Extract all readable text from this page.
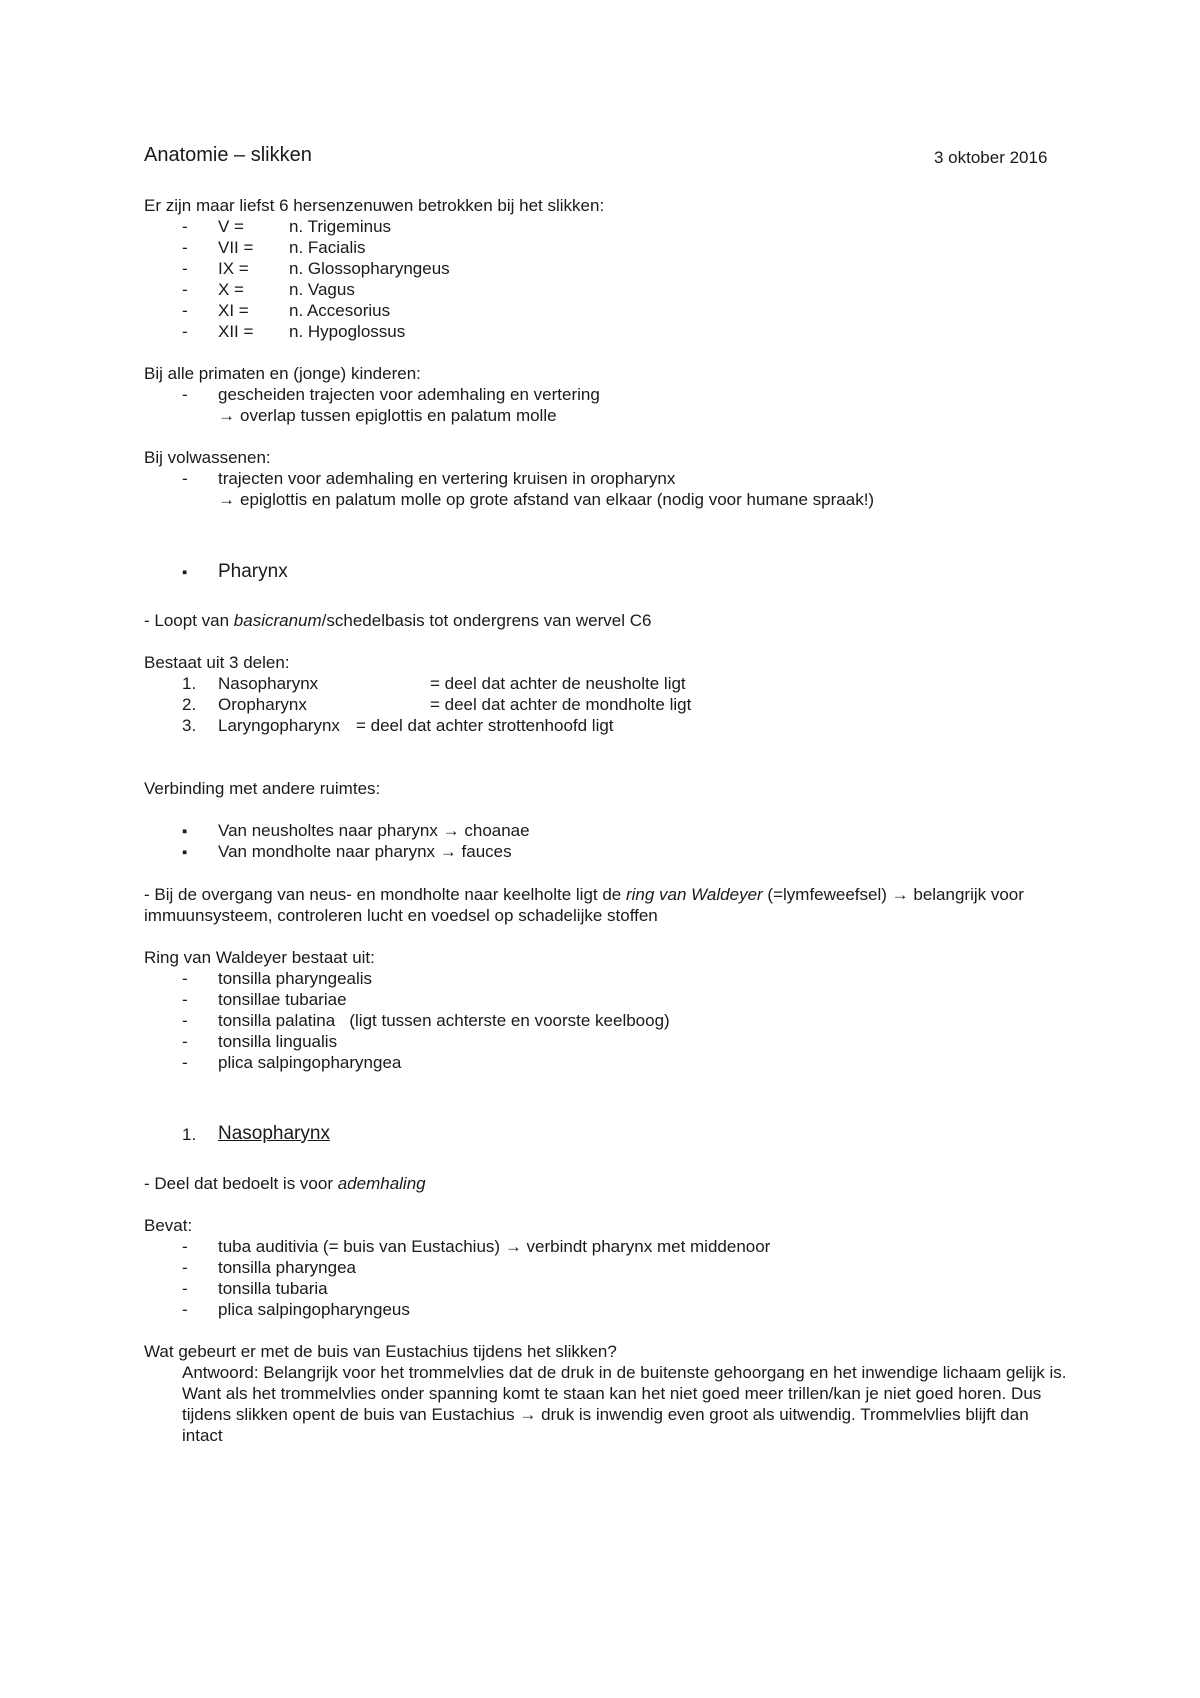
Anatomie – slikken	3 oktober 2016
Er zijn maar liefst 6 hersenzenuwen betrokken bij het slikken:
- V =	n. Trigeminus
- VII = n. Facialis
- IX = n. Glossopharyngeus
- X =	n. Vagus
- XI = n. Accesorius
- XII = n. Hypoglossus
Bij alle primaten en (jonge) kinderen:
- gescheiden trajecten voor ademhaling en vertering
→ overlap tussen epiglottis en palatum molle
Bij volwassenen:
- trajecten voor ademhaling en vertering kruisen in oropharynx
→ epiglottis en palatum molle op grote afstand van elkaar (nodig voor humane spraak!)
▪ Pharynx
- Loopt van basicranum/schedelbasis tot ondergrens van wervel C6
Bestaat uit 3 delen:
1. Nasopharynx	= deel dat achter de neusholte ligt
2. Oropharynx	= deel dat achter de mondholte ligt
3. Laryngopharynx = deel dat achter strottenhoofd ligt
Verbinding met andere ruimtes:
▪ Van neusholtes naar pharynx → choanae
▪ Van mondholte naar pharynx → fauces
- Bij de overgang van neus- en mondholte naar keelholte ligt de ring van Waldeyer (=lymfeweefsel) → belangrijk voor immuunsysteem, controleren lucht en voedsel op schadelijke stoffen
Ring van Waldeyer bestaat uit:
- tonsilla pharyngealis
- tonsillae tubariae
- tonsilla palatina   (ligt tussen achterste en voorste keelboog)
- tonsilla lingualis
- plica salpingopharyngea
1. Nasopharynx
- Deel dat bedoelt is voor ademhaling
Bevat:
- tuba auditivia (= buis van Eustachius) → verbindt pharynx met middenoor
- tonsilla pharyngea
- tonsilla tubaria
- plica salpingopharyngeus
Wat gebeurt er met de buis van Eustachius tijdens het slikken?
Antwoord: Belangrijk voor het trommelvlies dat de druk in de buitenste gehoorgang en het inwendige lichaam gelijk is. Want als het trommelvlies onder spanning komt te staan kan het niet goed meer trillen/kan je niet goed horen. Dus tijdens slikken opent de buis van Eustachius → druk is inwendig even groot als uitwendig. Trommelvlies blijft dan intact
